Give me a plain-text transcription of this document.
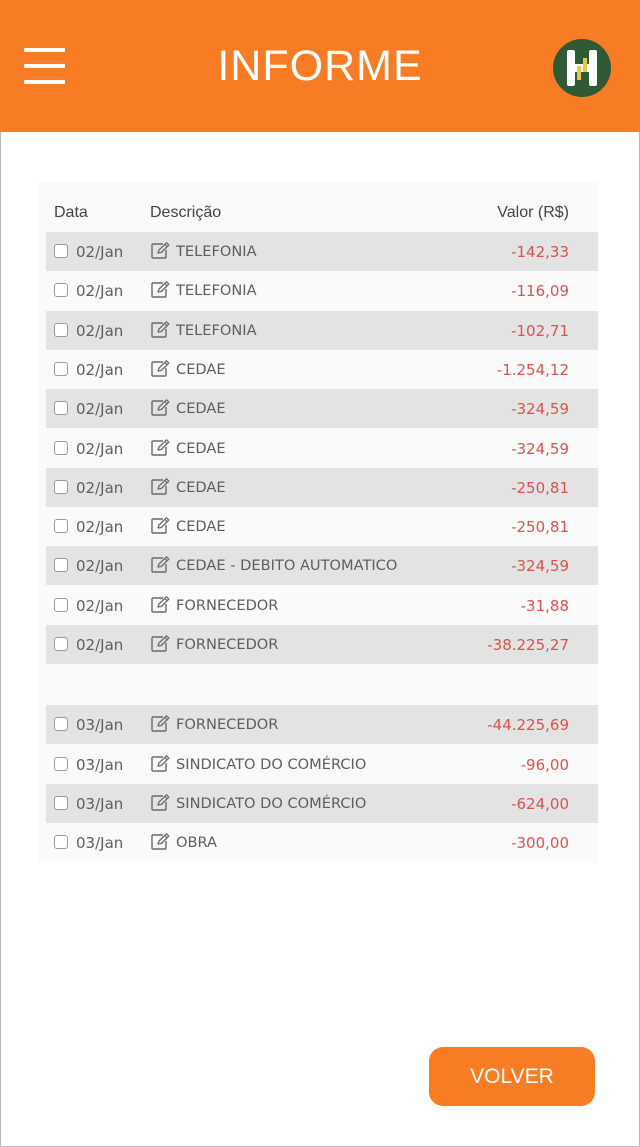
INFORME
Data	Descrição	Valor (R$)
02/Jan	TELEFONIA	-142,33
02/Jan	TELEFONIA	-116,09
02/Jan	TELEFONIA	-102,71
02/Jan	CEDAE	-1.254,12
02/Jan	CEDAE	-324,59
02/Jan	CEDAE	-324,59
02/Jan	CEDAE	-250,81
02/Jan	CEDAE	-250,81
02/Jan	CEDAE - DEBITO AUTOMATICO	-324,59
02/Jan	FORNECEDOR	-31,88
02/Jan	FORNECEDOR	-38.225,27
03/Jan	FORNECEDOR	-44.225,69
03/Jan	SINDICATO DO COMÉRCIO	-96,00
03/Jan	SINDICATO DO COMÉRCIO	-624,00
03/Jan	OBRA	-300,00
VOLVER
